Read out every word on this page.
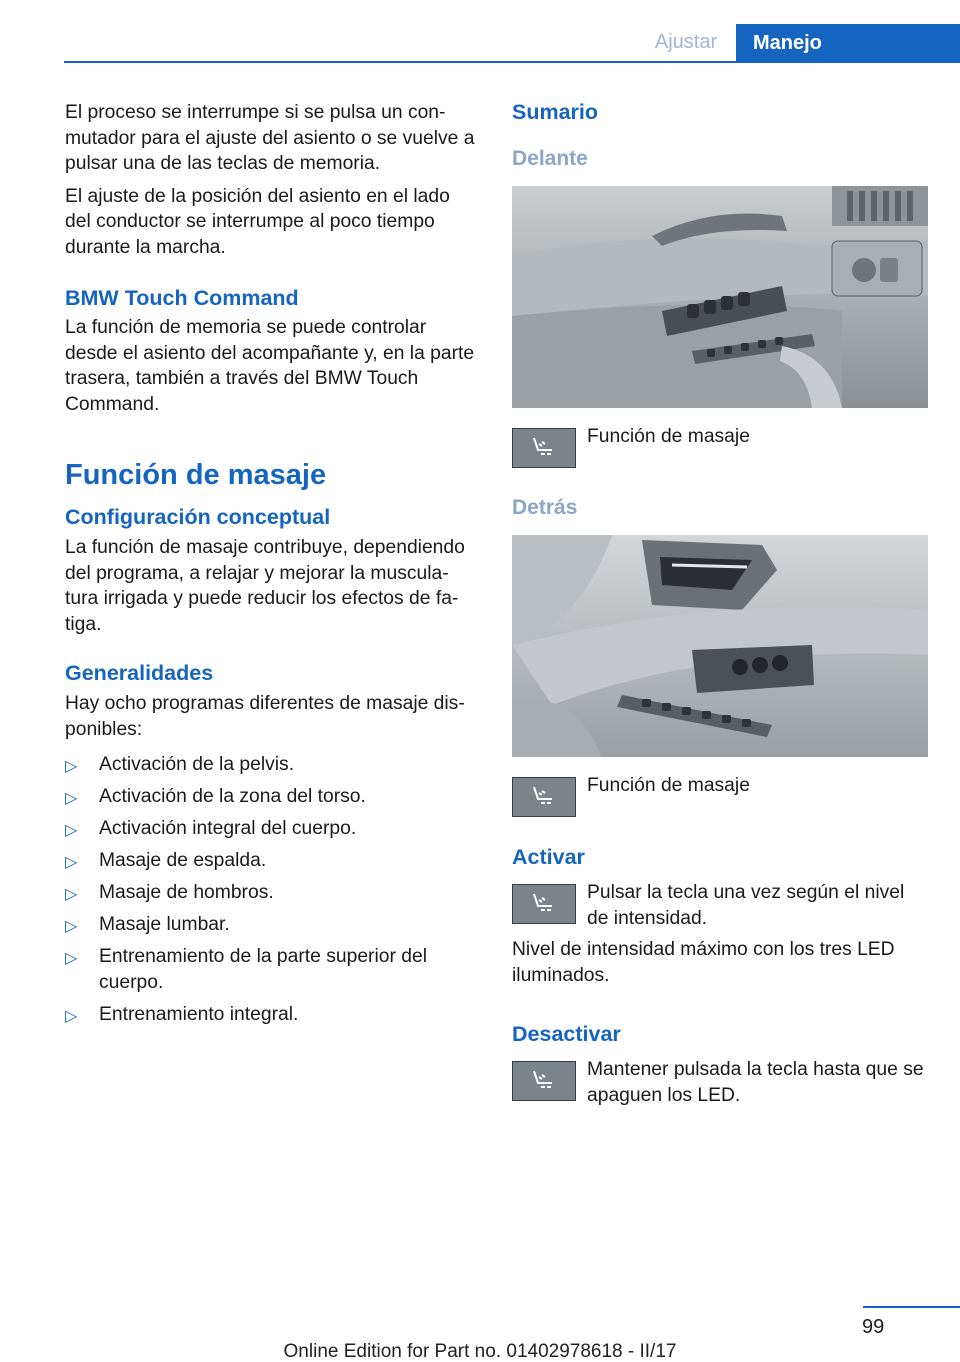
Ajustar	Manejo

El proceso se interrumpe si se pulsa un con‐mutador para el ajuste del asiento o se vuelve a pulsar una de las teclas de memoria.

El ajuste de la posición del asiento en el lado del conductor se interrumpe al poco tiempo durante la marcha.

BMW Touch Command

La función de memoria se puede controlar desde el asiento del acompañante y, en la parte trasera, también a través del BMW Touch Command.

Función de masaje
Configuración conceptual

La función de masaje contribuye, dependiendo del programa, a relajar y mejorar la muscula‐tura irrigada y puede reducir los efectos de fa‐tiga.

Generalidades

Hay ocho programas diferentes de masaje dis‐ponibles:

▷ Activación de la pelvis.
▷ Activación de la zona del torso.
▷ Activación integral del cuerpo.
▷ Masaje de espalda.
▷ Masaje de hombros.
▷ Masaje lumbar.
▷ Entrenamiento de la parte superior del cuerpo.
▷ Entrenamiento integral.
Sumario
Delante
Función de masaje
Detrás
Función de masaje
Activar
Pulsar la tecla una vez según el nivel de intensidad.

Nivel de intensidad máximo con los tres LED iluminados.

Desactivar
Mantener pulsada la tecla hasta que se apaguen los LED.
99
Online Edition for Part no. 01402978618 - II/17
